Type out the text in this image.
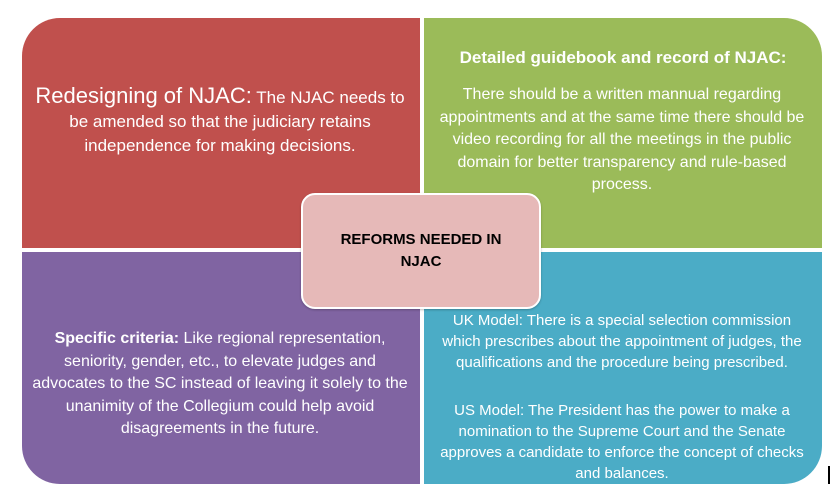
Redesigning of NJAC: The NJAC needs to be amended so that the judiciary retains independence for making decisions.
Detailed guidebook and record of NJAC:
There should be a written mannual regarding appointments and at the same time there should be video recording for all the meetings in the public domain for better transparency and rule-based process.
Specific criteria: Like regional representation, seniority, gender, etc., to elevate judges and advocates to the SC instead of leaving it solely to the unanimity of the Collegium could help avoid disagreements in the future.
UK Model: There is a special selection commission which prescribes about the appointment of judges, the qualifications and the procedure being prescribed.
US Model: The President has the power to make a nomination to the Supreme Court and the Senate approves a candidate to enforce the concept of checks and balances.
REFORMS NEEDED IN NJAC
